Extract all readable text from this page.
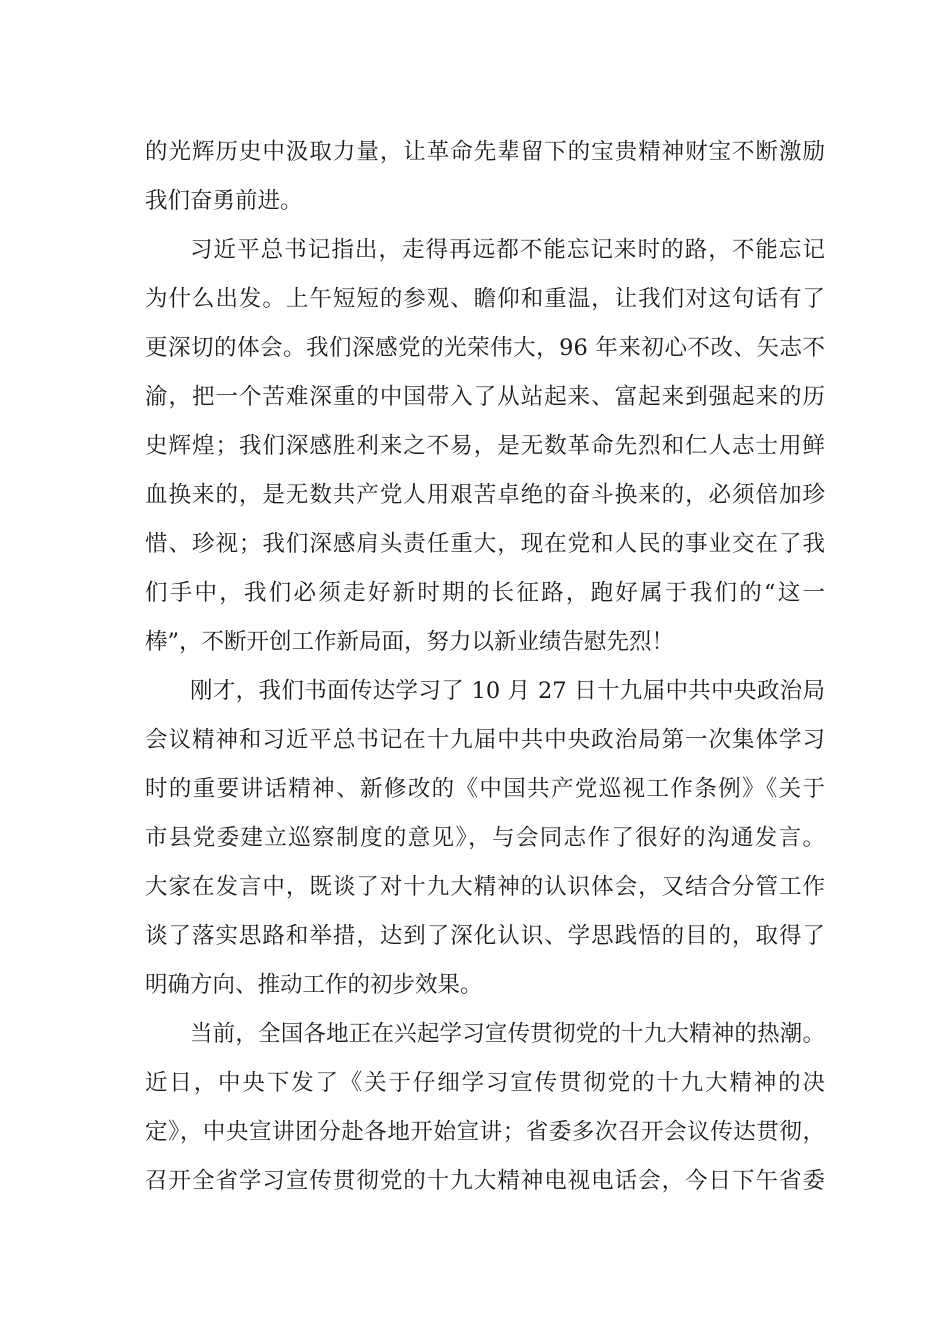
的光辉历史中汲取力量，让革命先辈留下的宝贵精神财宝不断激励
我们奋勇前进。
习近平总书记指出，走得再远都不能忘记来时的路，不能忘记
为什么出发。上午短短的参观、瞻仰和重温，让我们对这句话有了
更深切的体会。我们深感党的光荣伟大，96 年来初心不改、矢志不
渝，把一个苦难深重的中国带入了从站起来、富起来到强起来的历
史辉煌；我们深感胜利来之不易，是无数革命先烈和仁人志士用鲜
血换来的，是无数共产党人用艰苦卓绝的奋斗换来的，必须倍加珍
惜、珍视；我们深感肩头责任重大，现在党和人民的事业交在了我
们手中，我们必须走好新时期的长征路，跑好属于我们的“这一
棒”，不断开创工作新局面，努力以新业绩告慰先烈！
刚才，我们书面传达学习了 10 月 27 日十九届中共中央政治局
会议精神和习近平总书记在十九届中共中央政治局第一次集体学习
时的重要讲话精神、新修改的《中国共产党巡视工作条例》《关于
市县党委建立巡察制度的意见》，与会同志作了很好的沟通发言。
大家在发言中，既谈了对十九大精神的认识体会，又结合分管工作
谈了落实思路和举措，达到了深化认识、学思践悟的目的，取得了
明确方向、推动工作的初步效果。
当前，全国各地正在兴起学习宣传贯彻党的十九大精神的热潮。
近日，中央下发了《关于仔细学习宣传贯彻党的十九大精神的决
定》，中央宣讲团分赴各地开始宣讲；省委多次召开会议传达贯彻，
召开全省学习宣传贯彻党的十九大精神电视电话会，今日下午省委
